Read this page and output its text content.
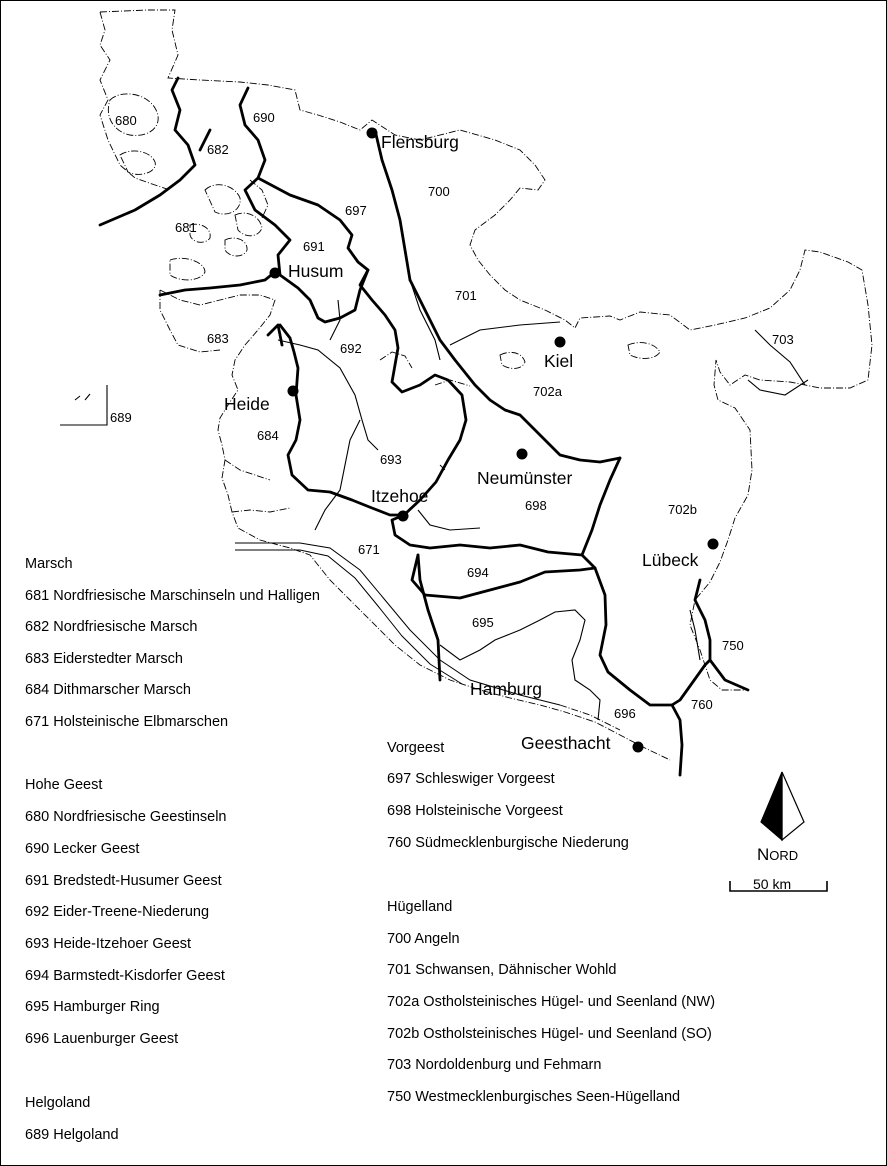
680
682
690
681
697
700
691
701
683
692
702a
703
689
684
693
698	702b
671
694
695
750
760
696
Flensburg
Husum
Kiel
Heide
Neumünster
Itzehoe
Lübeck
Hamburg
Geesthacht
NORD
50 km
Marsch
681 Nordfriesische Marschinseln und Halligen
682 Nordfriesische Marsch
683 Eiderstedter Marsch
684 Dithmarscher Marsch
671 Holsteinische Elbmarschen
Hohe Geest
680 Nordfriesische Geestinseln
690 Lecker Geest
691 Bredstedt-Husumer Geest
692 Eider-Treene-Niederung
693 Heide-Itzehoer Geest
694 Barmstedt-Kisdorfer Geest
695 Hamburger Ring
696 Lauenburger Geest
Helgoland
689 Helgoland
Vorgeest
697 Schleswiger Vorgeest
698 Holsteinische Vorgeest
760 Südmecklenburgische Niederung
Hügelland
700 Angeln
701 Schwansen, Dähnischer Wohld
702a Ostholsteinisches Hügel- und Seenland (NW)
702b Ostholsteinisches Hügel- und Seenland (SO)
703 Nordoldenburg und Fehmarn
750 Westmecklenburgisches Seen-Hügelland
